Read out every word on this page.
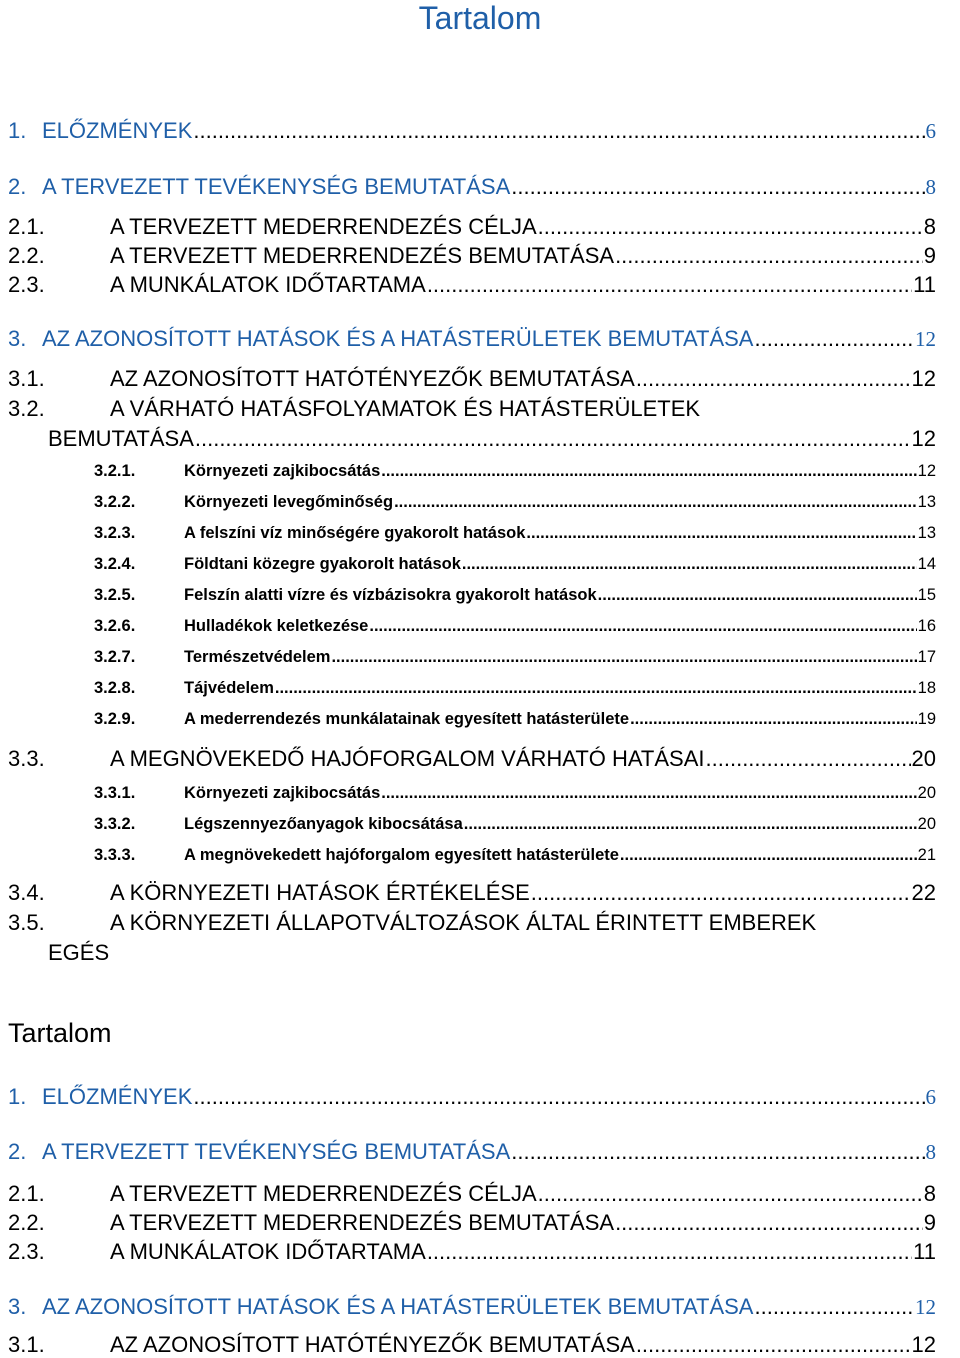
Tartalom
1. ELŐZMÉNYEK .....	6
2. A TERVEZETT TEVÉKENYSÉG BEMUTATÁSA .....	8
2.1.	A TERVEZETT MEDERRENDEZÉS CÉLJA .....	8
2.2.	A TERVEZETT MEDERRENDEZÉS BEMUTATÁSA .....	9
2.3.	A MUNKÁLATOK IDŐTARTAMA .....	11
3. AZ AZONOSÍTOTT HATÁSOK ÉS A HATÁSTERÜLETEK BEMUTATÁSA .....	12
3.1.	AZ AZONOSÍTOTT HATÓTÉNYEZŐK BEMUTATÁSA .....	12
3.2.	A VÁRHATÓ HATÁSFOLYAMATOK ÉS HATÁSTERÜLETEK
BEMUTATÁSA .....	12
3.2.1.	Környezeti zajkibocsátás .....	12
3.2.2.	Környezeti levegőminőség .....	13
3.2.3.	A felszíni víz minőségére gyakorolt hatások .....	13
3.2.4.	Földtani közegre gyakorolt hatások .....	14
3.2.5.	Felszín alatti vízre és vízbázisokra gyakorolt hatások .....	15
3.2.6.	Hulladékok keletkezése .....	16
3.2.7.	Természetvédelem .....	17
3.2.8.	Tájvédelem .....	18
3.2.9.	A mederrendezés munkálatainak egyesített hatásterülete .....	19
3.3.	A MEGNÖVEKEDŐ HAJÓFORGALOM VÁRHATÓ HATÁSAI .....	20
3.3.1.	Környezeti zajkibocsátás .....	20
3.3.2.	Légszennyezőanyagok kibocsátása .....	20
3.3.3.	A megnövekedett hajóforgalom egyesített hatásterülete .....	21
3.4.	A KÖRNYEZETI HATÁSOK ÉRTÉKELÉSE .....	22
3.5.	A KÖRNYEZETI ÁLLAPOTVÁLTOZÁSOK ÁLTAL ÉRINTETT EMBEREK
EGÉS
Tartalom
1. ELŐZMÉNYEK .....	6
2. A TERVEZETT TEVÉKENYSÉG BEMUTATÁSA .....	8
2.1.	A TERVEZETT MEDERRENDEZÉS CÉLJA .....	8
2.2.	A TERVEZETT MEDERRENDEZÉS BEMUTATÁSA .....	9
2.3.	A MUNKÁLATOK IDŐTARTAMA .....	11
3. AZ AZONOSÍTOTT HATÁSOK ÉS A HATÁSTERÜLETEK BEMUTATÁSA .....	12
3.1.	AZ AZONOSÍTOTT HATÓTÉNYEZŐK BEMUTATÁSA .....	12
